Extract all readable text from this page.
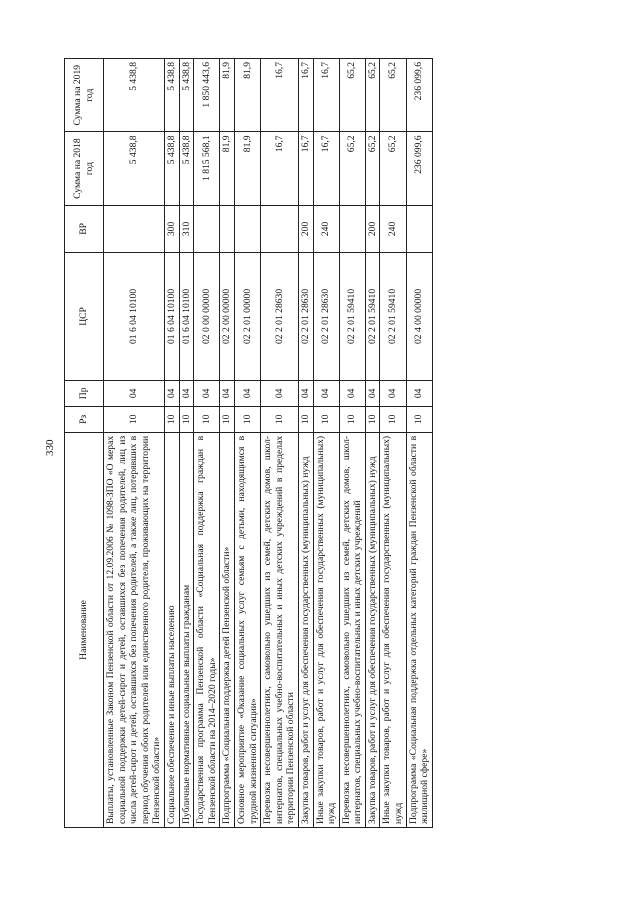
Наименование	Рз	Пр	ЦСР	ВР	Сумма на 2018 год	Сумма на 2019 год
Выплаты, установленные Законом Пензенской области от 12.09.2006 № 1098-ЗПО «О мерах социальной поддержки детей-сирот и детей, оставшихся без попечения родителей, лиц из числа детей-сирот и детей, оставшихся без попечения родителей, а также лиц, потерявших в период обучения обоих родителей или единственного родителя, проживающих на территории Пензенской области»	10	04	01 6 04 10100		5 438,8	5 438,8
Социальное обеспечение и иные выплаты населению	10	04	01 6 04 10100	300	5 438,8	5 438,8
Публичные нормативные социальные выплаты гражданам	10	04	01 6 04 10100	310	5 438,8	5 438,8
Государственная программа Пензенской области «Социальная поддержка граждан в Пензенской области на 2014–2020 годы»	10	04	02 0 00 00000		1 815 568,1	1 850 443,6
Подпрограмма «Социальная поддержка детей Пензенской области»	10	04	02 2 00 00000		81,9	81,9
Основное мероприятие «Оказание социальных услуг семьям с детьми, находящимся в трудной жизненной ситуации»	10	04	02 2 01 00000		81,9	81,9
Перевозка несовершеннолетних, самовольно ушедших из семей, детских домов, школ-интернатов, специальных учебно-воспитательных и иных детских учреждений в пределах территории Пензенской области	10	04	02 2 01 28630		16,7	16,7
Закупка товаров, работ и услуг для обеспечения государственных (муниципальных) нужд	10	04	02 2 01 28630	200	16,7	16,7
Иные закупки товаров, работ и услуг для обеспечения государственных (муниципальных) нужд	10	04	02 2 01 28630	240	16,7	16,7
Перевозка несовершеннолетних, самовольно ушедших из семей, детских домов, школ-интернатов, специальных учебно-воспитательных и иных детских учреждений	10	04	02 2 01 59410		65,2	65,2
Закупка товаров, работ и услуг для обеспечения государственных (муниципальных) нужд	10	04	02 2 01 59410	200	65,2	65,2
Иные закупки товаров, работ и услуг для обеспечения государственных (муниципальных) нужд	10	04	02 2 01 59410	240	65,2	65,2
Подпрограмма «Социальная поддержка отдельных категорий граждан Пензенской области в жилищной сфере»	10	04	02 4 00 00000		236 099,6	236 099,6
330
